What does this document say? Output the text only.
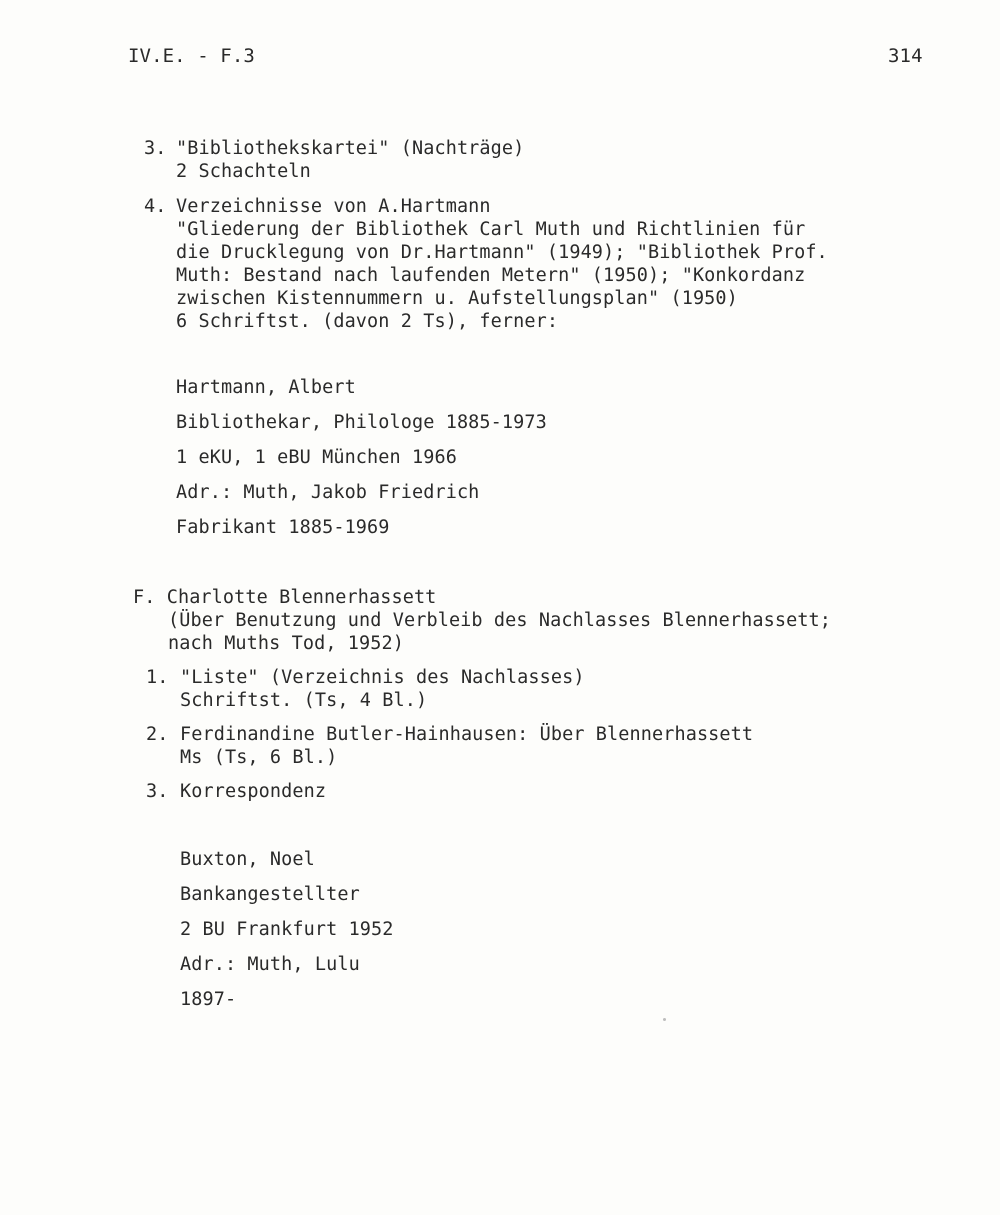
IV.E. - F.3	314
3. "Bibliothekskartei" (Nachträge)
2 Schachteln
4. Verzeichnisse von A.Hartmann
"Gliederung der Bibliothek Carl Muth und Richtlinien für
die Drucklegung von Dr.Hartmann" (1949); "Bibliothek Prof.
Muth: Bestand nach laufenden Metern" (1950); "Konkordanz
zwischen Kistennummern u. Aufstellungsplan" (1950)
6 Schriftst. (davon 2 Ts), ferner:
Hartmann, Albert
Bibliothekar, Philologe 1885-1973
1 eKU, 1 eBU München 1966
Adr.: Muth, Jakob Friedrich
Fabrikant 1885-1969
F. Charlotte Blennerhassett
(Über Benutzung und Verbleib des Nachlasses Blennerhassett;
nach Muths Tod, 1952)
1. "Liste" (Verzeichnis des Nachlasses)
Schriftst. (Ts, 4 Bl.)
2. Ferdinandine Butler-Hainhausen: Über Blennerhassett
Ms (Ts, 6 Bl.)
3. Korrespondenz
Buxton, Noel
Bankangestellter
2 BU Frankfurt 1952
Adr.: Muth, Lulu
1897-
